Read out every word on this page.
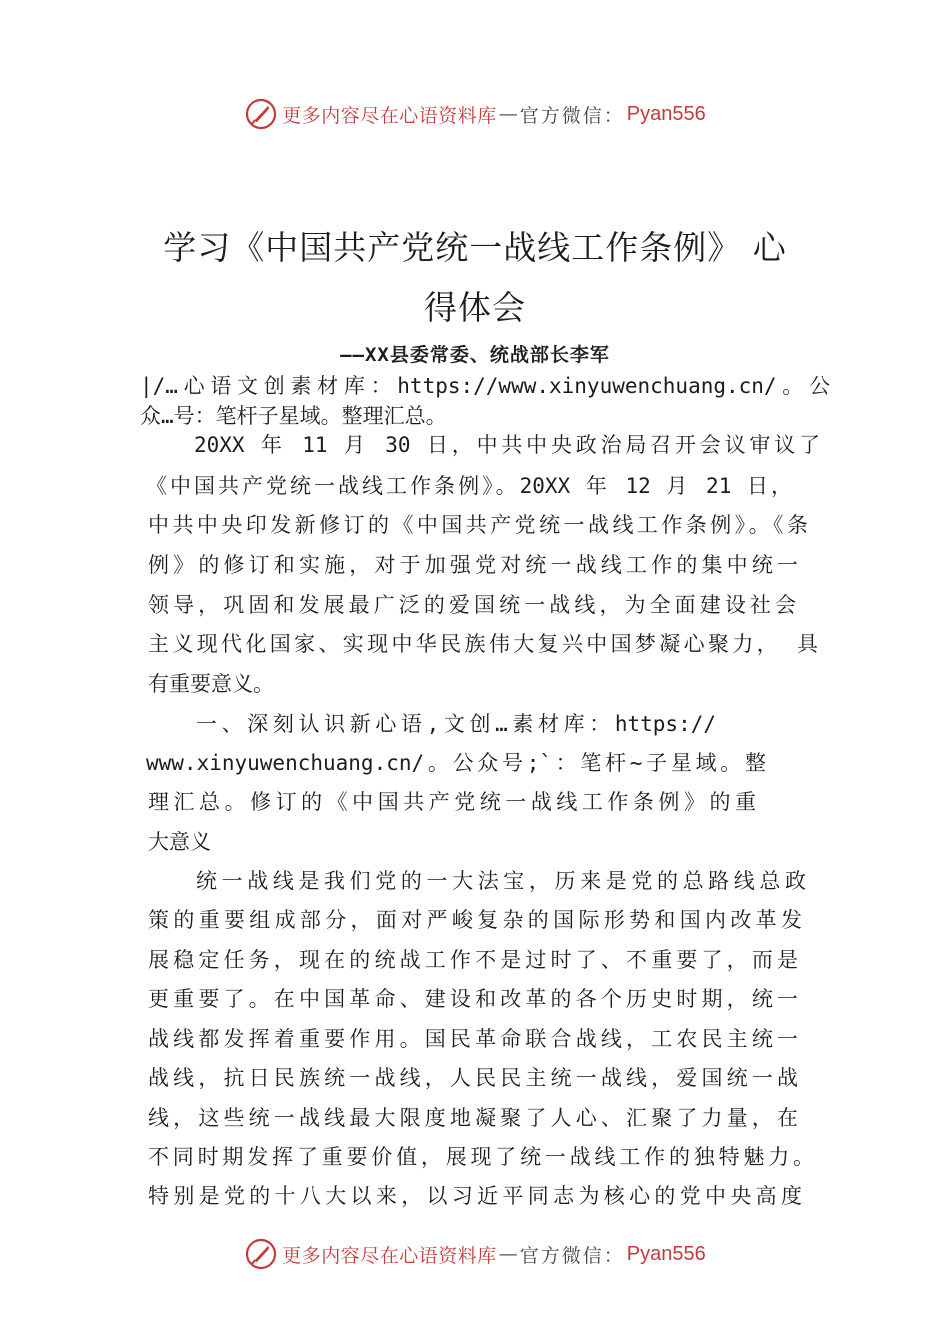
更多内容尽在心语资料库 — 官方微信： Pyan556
学习《中国共产党统一战线工作条例》 心
得体会
——XX县委常委、统战部长李军
|/…心语文创素材库：https://www.xinyuwenchuang.cn/。公
众…号：笔杆子星域。整理汇总。
20XX 年 11 月 30 日，中共中央政治局召开会议审议了
《中国共产党统一战线工作条例》。20XX 年 12 月 21 日，
中共中央印发新修订的《中国共产党统一战线工作条例》。《条
例》的修订和实施，对于加强党对统一战线工作的集中统一
领导，巩固和发展最广泛的爱国统一战线，为全面建设社会
主义现代化国家、实现中华民族伟大复兴中国梦凝心聚力， 具
有重要意义。
一、深刻认识新心语,文创…素材库：https://
www.xinyuwenchuang.cn/。公众号;`：笔杆~子星域。整
理汇总。修订的《中国共产党统一战线工作条例》的重
大意义
统一战线是我们党的一大法宝，历来是党的总路线总政
策的重要组成部分，面对严峻复杂的国际形势和国内改革发
展稳定任务，现在的统战工作不是过时了、不重要了，而是
更重要了。在中国革命、建设和改革的各个历史时期，统一
战线都发挥着重要作用。国民革命联合战线，工农民主统一
战线，抗日民族统一战线，人民民主统一战线，爱国统一战
线，这些统一战线最大限度地凝聚了人心、汇聚了力量，在
不同时期发挥了重要价值，展现了统一战线工作的独特魅力。
特别是党的十八大以来，以习近平同志为核心的党中央高度
更多内容尽在心语资料库 — 官方微信： Pyan556
